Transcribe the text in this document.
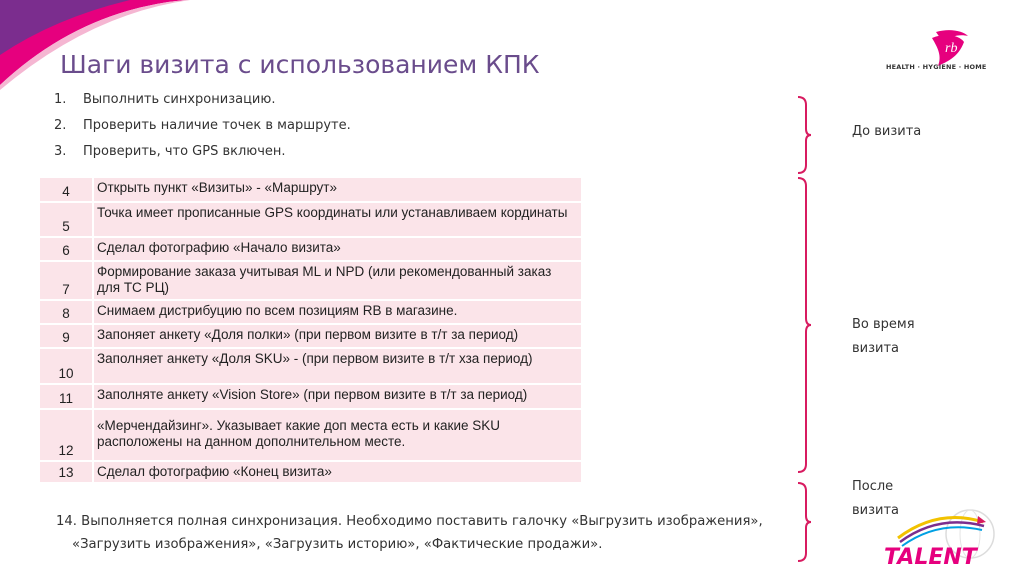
Шаги визита с использованием КПК
rb
HEALTH · HYGIENE · HOME
1. Выполнить синхронизацию.
2. Проверить наличие точек в маршруте.
3. Проверить, что GPS включен.
4	Открыть пункт «Визиты» - «Маршрут»
5	Точка имеет прописанные GPS координаты или устанавливаем кординаты
6	Сделал фотографию «Начало визита»
7	Формирование заказа учитывая ML и NPD (или рекомендованный заказ для ТС РЦ)
8	Снимаем дистрибуцию по всем позициям RB в магазине.
9	Запоняет анкету «Доля полки» (при первом визите в т/т за период)
10	Заполняет анкету «Доля SKU» - (при первом визите в т/т хза период)
11	Заполняте анкету «Vision Store» (при первом визите в т/т за период)
12	«Мерчендайзинг». Указывает какие доп места есть и какие SKU расположены на данном дополнительном месте.
13	Сделал фотографию «Конец визита»
14. Выполняется полная синхронизация. Необходимо поставить галочку «Выгрузить изображения»,
«Загрузить изображения», «Загрузить историю», «Фактические продажи».
До визита
Во время
визита
После
визита
TALENT
